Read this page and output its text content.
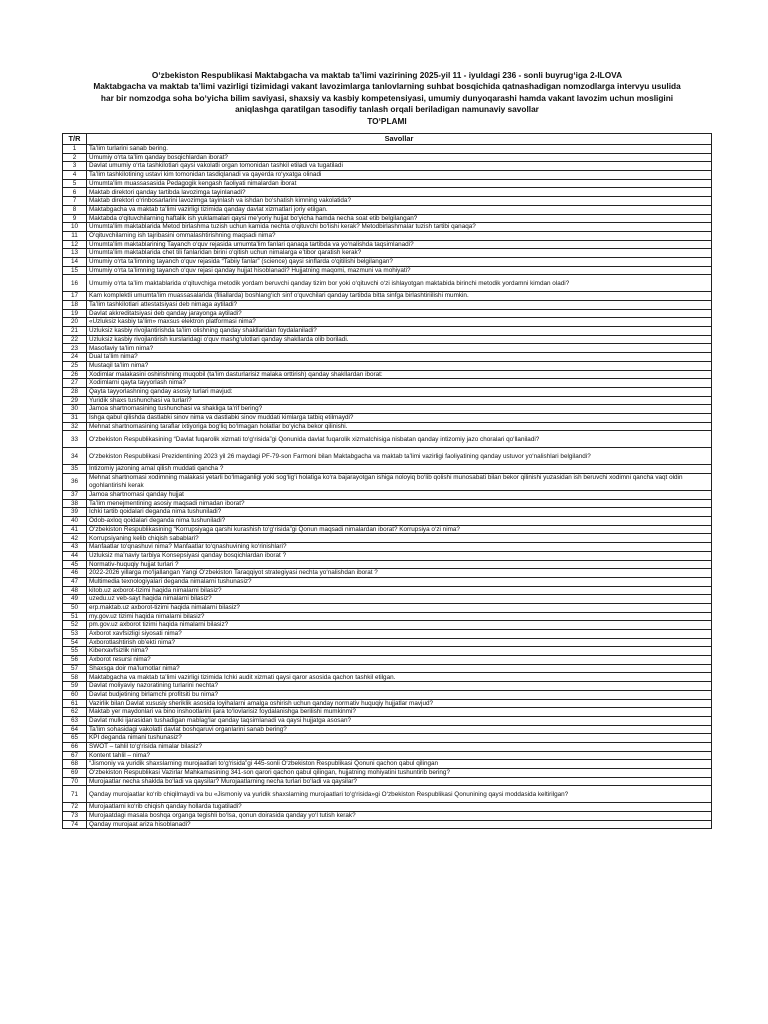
O‘zbekiston Respublikasi Maktabgacha va maktab ta’limi vazirining 2025-yil 11 - iyuldagi 236 - sonli buyrug‘iga 2-ILOVA
Maktabgacha va maktab ta’limi vazirligi tizimidagi vakant lavozimlarga tanlovlarning suhbat bosqichida qatnashadigan nomzodlarga intervyu usulida
har bir nomzodga soha bo‘yicha bilim saviyasi, shaxsiy va kasbiy kompetensiyasi, umumiy dunyoqarashi hamda vakant lavozim uchun mosligini
aniqlashga qaratilgan tasodifiy tanlash orqali beriladigan namunaviy savollar
TO‘PLAMI
T/R	Savollar
1	Ta’lim turlarini sanab bering.
2	Umumiy o‘rta ta’lim qanday bosqichlardan iborat?
3	Davlat umumiy o‘rta tashkilotlari qaysi vakolatli organ tomonidan tashkil etiladi va tugatiladi
4	Ta’lim tashkilotining ustavi kim tomonidan tasdiqlanadi va qayerda ro‘yxatga olinadi
5	Umumta’lim muassasasida Pedagogik kengash faoliyati nimalardan iborat
6	Maktab direktori qanday tartibda lavozimga tayinlanadi?
7	Maktab direktori o‘rinbosarlarini lavozimga tayinlash va ishdan bo‘shatish kimning vakolatida?
8	Maktabgacha va maktab ta’limi vazirligi tizimida qanday davlat xizmatlari joriy etilgan.
9	Maktabda o‘qituvchilarning haftalik ish yuklamalari qaysi me’yoriy hujjat bo‘yicha hamda necha soat etib belgilangan?
10	Umumta’lim maktablarida Metod birlashma tuzish uchun kamida nechta o‘qituvchi bo‘lishi kerak? Metodbirlashmalar tuzish tartibi qanaqa?
11	O‘qituvchilarning ish tajribasini ommalashtirishning maqsadi nima?
12	Umumta’lim maktablarining Tayanch o‘quv rejasida umumta’lim fanlari qanaqa tartibda va yo‘nalishda taqsimlanadi?
13	Umumta’lim maktablarida chet tili fanlaridan birini o‘qitish uchun nimalarga e’tibor qaratish kerak?
14	Umumiy o‘rta ta’limning tayanch o‘quv rejasida “Tabiiy fanlar” (science) qaysi sinflarda o‘qitilishi belgilangan?
15	Umumiy o‘rta ta’limning tayanch o‘quv rejasi qanday hujjat hisoblanadi? Hujjatning maqomi, mazmuni va mohiyati?
16	Umumiy o‘rta ta’lim maktablarida o‘qituvchiga metodik yordam beruvchi qanday tizim bor yoki o‘qituvchi o‘zi ishlayotgan maktabida birinchi metodik yordamni kimdan oladi?
17	Kam komplektli umumta’lim muassasalarida (filiallarda) boshlang‘ich sinf o‘quvchilari qanday tartibda bitta sinfga birlashtiriilishi mumkin.
18	Ta’lim tashkilotlari attestatsiyasi deb nimaga aytiladi?
19	Davlat akkreditatsiyasi deb qanday jarayonga aytiladi?
20	«Uzluksiz kasbiy ta’lim» maxsus elektron platformasi nima?
21	Uzluksiz kasbiy rivojlantirishda ta’lim olishning qanday shakllaridan foydalaniladi?
22	Uzluksiz kasbiy rivojlantirish kurslaridagi o‘quv mashg‘ulotlari qanday shakllarda olib boriladi.
23	Masofaviy ta’lim nima?
24	Dual ta’lim nima?
25	Mustaqil ta’lim nima?
26	Xodimlar malakasini oshirishning muqobil (ta’lim dasturlarisiz malaka orttirish) qanday shakllardan iborat:
27	Xodimlarni qayta tayyorlash nima?
28	Qayta tayyorlashning qanday asosiy turlari mavjud:
29	Yuridik shaxs tushunchasi va turlari?
30	Jamoa shartnomasining tushunchasi va shakliga ta’rif bering?
31	Ishga qabul qilishda dastlabki sinov nima va dastlabki sinov muddati kimlarga tatbiq etilmaydi?
32	Mehnat shartnomasining taraflar ixtiyoriga bog‘liq bo‘lmagan holatlar bo‘yicha bekor qilinishi.
33	O‘zbekiston Respublikasining “Davlat fuqarolik xizmati to‘g‘risida”gi Qonunida davlat fuqarolik xizmatchisiga nisbatan qanday intizomiy jazo choralari qo‘llaniladi?
34	O‘zbekiston Respublikasi Prezidentining 2023 yil 26 maydagi PF-79-son Farmoni bilan Maktabgacha va maktab ta’limi vazirligi faoliyatining qanday ustuvor yo‘nalishlari belgilandi?
35	Intizomiy jazoning amal qilish muddati qancha ?
36	Mehnat shartnomasi xodimning malakasi yetarli bo‘lmaganligi yoki sog‘lig‘i holatiga ko‘ra bajarayotgan ishiga noloyiq bo‘lib qolishi munosabati bilan bekor qilinishi yuzasidan ish beruvchi xodimni qancha vaqt oldin ogohlantirishi kerak
37	Jamoa shartnomasi qanday hujjat
38	Ta’lim menejmentining asosiy maqsadi nimadan iborat?
39	Ichki tartib qoidalari deganda nima tushuniladi?
40	Odob-axloq qoidalari deganda nima tushuniladi?
41	O‘zbekiston Respublikasining “Korrupsiyaga qarshi kurashish to‘g‘risida”gi Qonun maqsadi nimalardan iborat? Korrupsiya o‘zi nima?
42	Korrupsiyaning kelib chiqish sabablari?
43	Manfaatlar to‘qnashuvi nima? Manfaatlar to‘qnashuvining ko‘rinishlari?
44	Uzluksiz ma’naviy tarbiya Konsepsiyasi qanday bosqichlardan iborat ?
45	Normativ-huquqiy hujjat turlari ?
46	2022-2026 yillarga mo‘ljallangan Yangi O‘zbekiston Taraqqiyot strategiyasi nechta yo‘nalishdan iborat ?
47	Multimedia texnologiyalari deganda nimalarni tushunasiz?
48	kitob.uz axborot-tizimi haqida nimalarni bilasiz?
49	uzedu.uz veb-sayt haqida nimalarni bilasiz?
50	erp.maktab.uz axborot-tizimi haqida nimalarni bilasiz?
51	my.gov.uz tizimi haqida nimalarni bilasiz?
52	pm.gov.uz axborot tizimi haqida nimalarni bilasiz?
53	Axborot xavfsizligi siyosati nima?
54	Axborotlashtirish ob’ekti nima?
55	Kiberxavfsizlik nima?
56	Axborot resursi nima?
57	Shaxsga doir ma’lumotlar nima?
58	Maktabgacha va maktab ta’limi vazirligi tizimida Ichki audit xizmati qaysi qaror asosida qachon tashkil etilgan.
59	Davlat moliyaviy nazoratining turlarini nechta?
60	Davlat budjetining birlamchi profitsiti bu nima?
61	Vazirlik bilan Davlat xususiy sheriklik asosida loyihalarni amalga oshirish uchun qanday normativ huquqiy hujjatlar mavjud?
62	Maktab yer maydonlari va bino inshootlarini ijara to‘lovlarisiz foydalanishga berilishi mumkinmi?
63	Davlat mulki ijarasidan tushadigan mablag‘lar qanday taqsimlanadi va qaysi hujjatga asosan?
64	Ta’lim sohasidagi vakolatli davlat boshqaruvi organlarini sanab bering?
65	KPI deganda nimani tushunasiz?
66	SWOT – tahlil to‘g‘risida nimalar bilasiz?
67	Kontent tahlil – nima?
68	“Jismoniy va yuridik shaxslarning murojaatlari to‘g‘risida”gi 445-sonli O‘zbekiston Respublikasi Qonuni qachon qabul qilingan
69	O‘zbekiston Respublikasi Vazirlar Mahkamasining 341-son qarori qachon qabul qilingan, hujjatning mohiyatini tushuntirib bering?
70	Murojaatlar necha shaklda bo‘ladi va qaysilar? Murojaatlarning necha turlari bo‘ladi va qaysilar?
71	Qanday murojaatlar ko‘rib chiqilmaydi va bu «Jismoniy va yuridik shaxslarning murojaatlari to‘g‘risida»gi O‘zbekiston Respublikasi Qonunining qaysi moddasida keltirilgan?
72	Murojaatlarni ko‘rib chiqish qanday hollarda tugatiladi?
73	Murojaatdagi masala boshqa organga tegishli bo‘lsa, qonun doirasida qanday yo‘l tutish kerak?
74	Qanday murojaat ariza hisoblanadi?
